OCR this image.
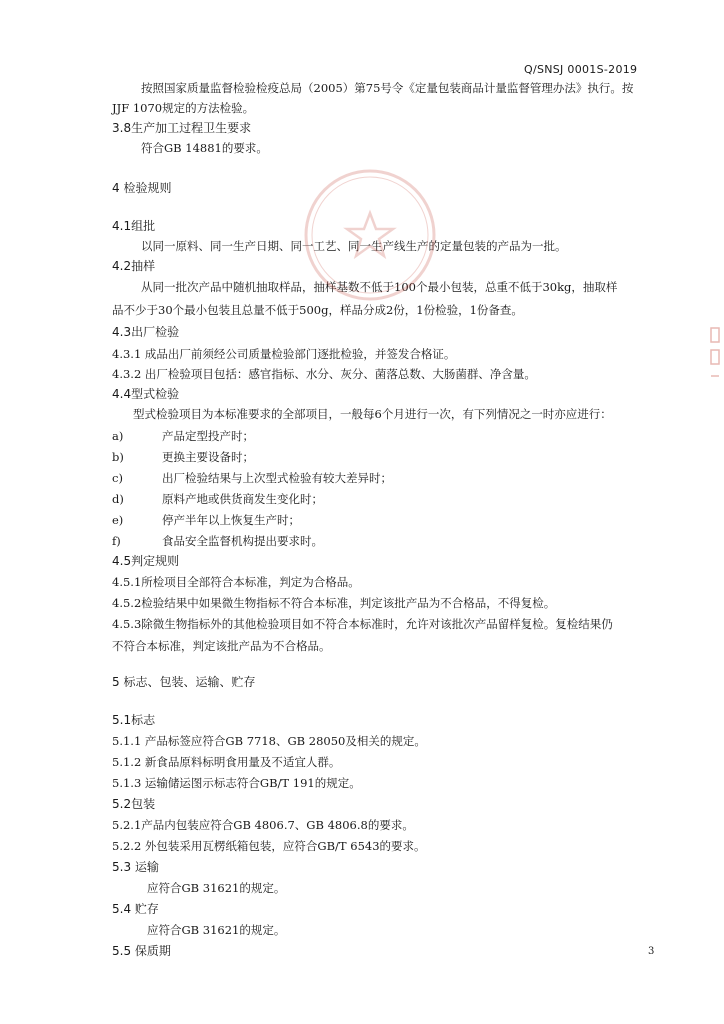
Q/SNSJ 0001S-2019
按照国家质量监督检验检疫总局（2005）第75号令《定量包装商品计量监督管理办法》执行。按
JJF 1070规定的方法检验。
3.8生产加工过程卫生要求
符合GB 14881的要求。
4 检验规则
4.1组批
以同一原料、同一生产日期、同一工艺、同一生产线生产的定量包装的产品为一批。
4.2抽样
从同一批次产品中随机抽取样品，抽样基数不低于100个最小包装，总重不低于30kg，抽取样
品不少于30个最小包装且总量不低于500g，样品分成2份，1份检验，1份备查。
4.3出厂检验
4.3.1 成品出厂前须经公司质量检验部门逐批检验，并签发合格证。
4.3.2 出厂检验项目包括：感官指标、水分、灰分、菌落总数、大肠菌群、净含量。
4.4型式检验
型式检验项目为本标准要求的全部项目，一般每6个月进行一次，有下列情况之一时亦应进行：
a)	产品定型投产时；
b)	更换主要设备时；
c)	出厂检验结果与上次型式检验有较大差异时；
d)	原料产地或供货商发生变化时；
e)	停产半年以上恢复生产时；
f)	食品安全监督机构提出要求时。
4.5判定规则
4.5.1所检项目全部符合本标准，判定为合格品。
4.5.2检验结果中如果微生物指标不符合本标准，判定该批产品为不合格品，不得复检。
4.5.3除微生物指标外的其他检验项目如不符合本标准时，允许对该批次产品留样复检。复检结果仍
不符合本标准，判定该批产品为不合格品。
5 标志、包装、运输、贮存
5.1标志
5.1.1 产品标签应符合GB 7718、GB 28050及相关的规定。
5.1.2 新食品原料标明食用量及不适宜人群。
5.1.3 运输储运图示标志符合GB/T 191的规定。
5.2包装
5.2.1产品内包装应符合GB 4806.7、GB 4806.8的要求。
5.2.2 外包装采用瓦楞纸箱包装，应符合GB/T 6543的要求。
5.3 运输
应符合GB 31621的规定。
5.4 贮存
应符合GB 31621的规定。
5.5 保质期	3
